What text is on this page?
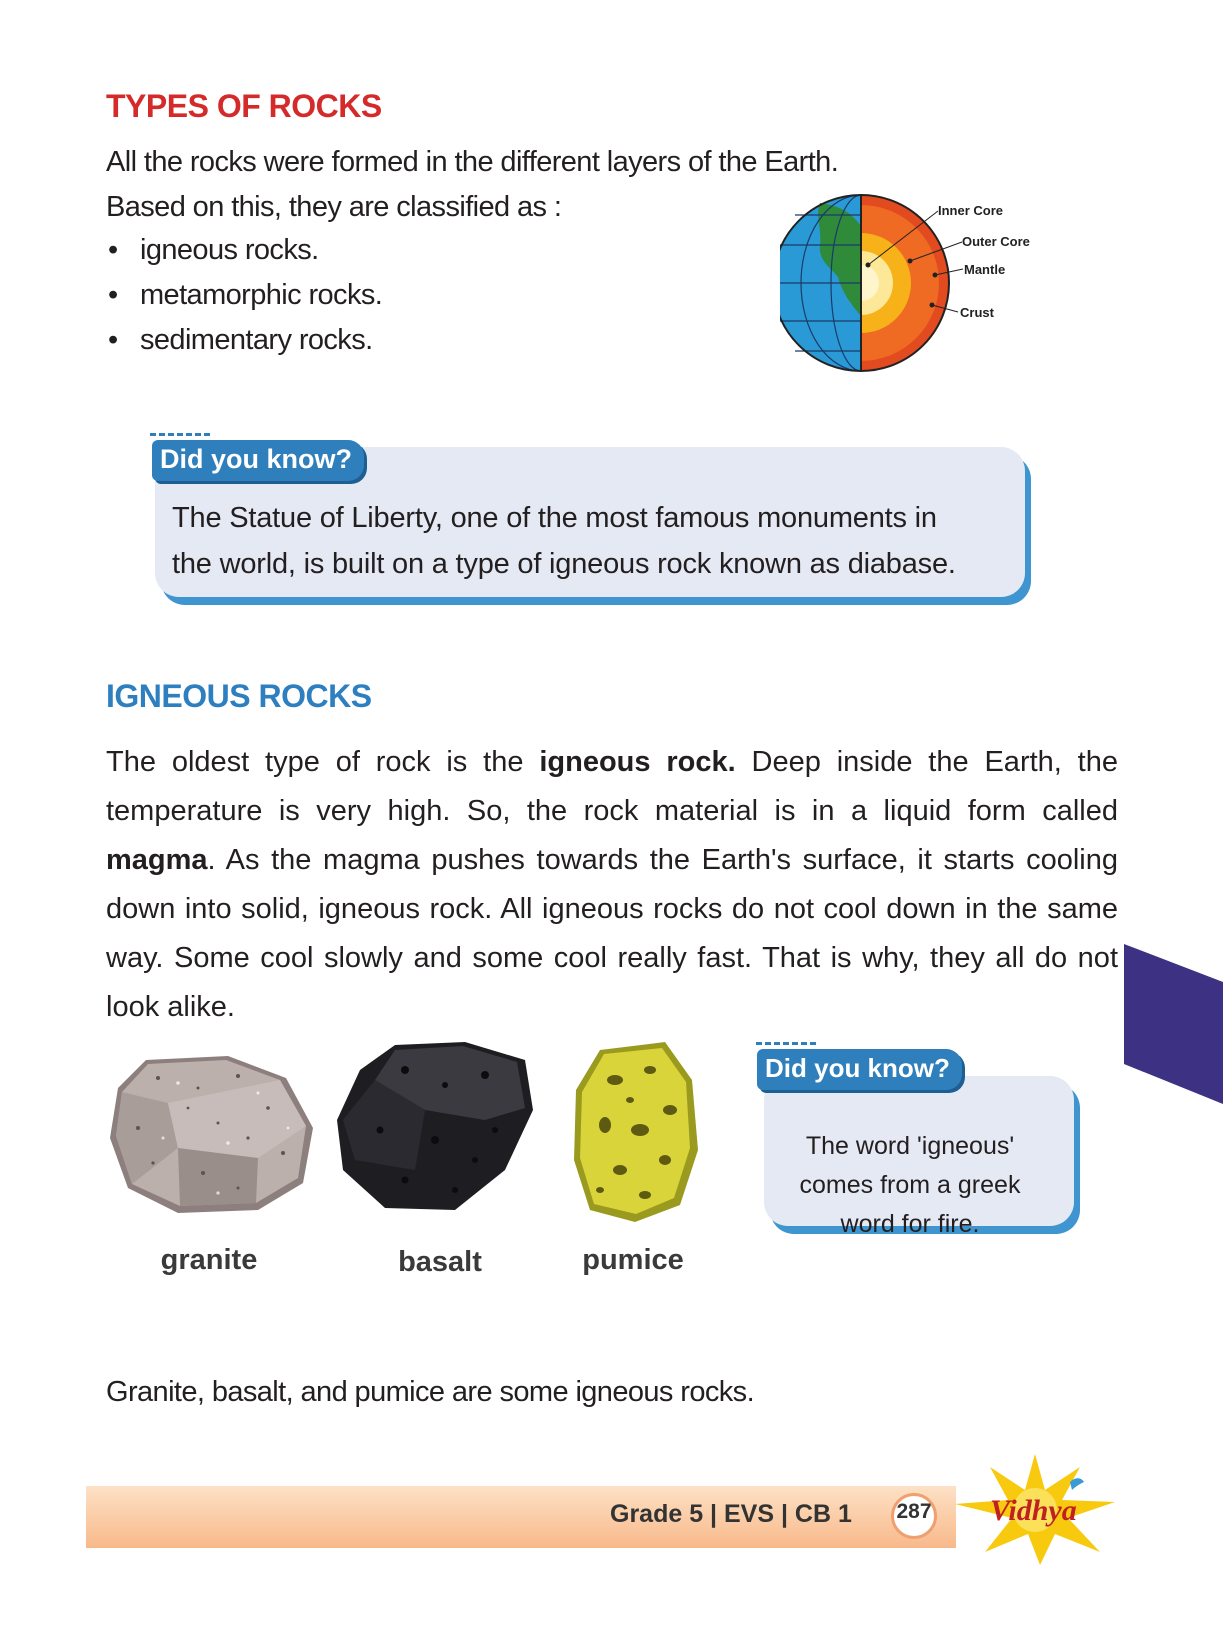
TYPES OF ROCKS
All the rocks were formed in the different layers of the Earth.
Based on this, they are classified as :
• igneous rocks.
• metamorphic rocks.
• sedimentary rocks.
Inner Core
Outer Core
Mantle
Crust
Did you know?
The Statue of Liberty, one of the most famous monuments in
the world, is built on a type of igneous rock known as diabase.
IGNEOUS ROCKS
The oldest type of rock is the igneous rock. Deep inside the Earth, the temperature is very high. So, the rock material is in a liquid form called magma. As the magma pushes towards the Earth's surface, it starts cooling down into solid, igneous rock. All igneous rocks do not cool down in the same way. Some cool slowly and some cool really fast. That is why, they all do not look alike.
granite	basalt	pumice
Did you know?
The word 'igneous'
comes from a greek
word for fire.
Granite, basalt, and pumice are some igneous rocks.
Grade 5 | EVS | CB 1 287 Vidhya
